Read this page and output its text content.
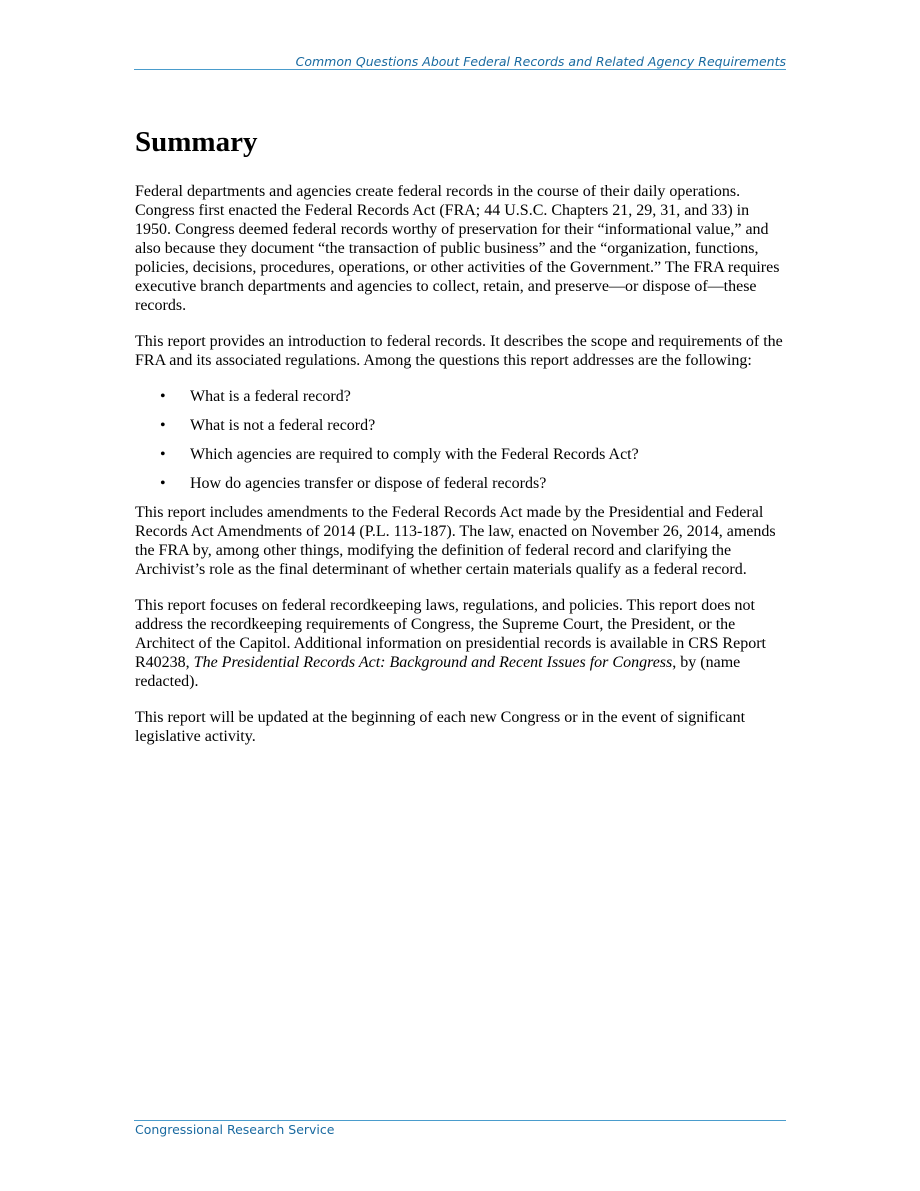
Common Questions About Federal Records and Related Agency Requirements
Summary

Federal departments and agencies create federal records in the course of their daily operations. Congress first enacted the Federal Records Act (FRA; 44 U.S.C. Chapters 21, 29, 31, and 33) in 1950. Congress deemed federal records worthy of preservation for their “informational value,” and also because they document “the transaction of public business” and the “organization, functions, policies, decisions, procedures, operations, or other activities of the Government.” The FRA requires executive branch departments and agencies to collect, retain, and preserve—or dispose of—these records.

This report provides an introduction to federal records. It describes the scope and requirements of the FRA and its associated regulations. Among the questions this report addresses are the following:

• What is a federal record?
• What is not a federal record?
• Which agencies are required to comply with the Federal Records Act?
• How do agencies transfer or dispose of federal records?

This report includes amendments to the Federal Records Act made by the Presidential and Federal Records Act Amendments of 2014 (P.L. 113-187). The law, enacted on November 26, 2014, amends the FRA by, among other things, modifying the definition of federal record and clarifying the Archivist’s role as the final determinant of whether certain materials qualify as a federal record.

This report focuses on federal recordkeeping laws, regulations, and policies. This report does not address the recordkeeping requirements of Congress, the Supreme Court, the President, or the Architect of the Capitol. Additional information on presidential records is available in CRS Report R40238, The Presidential Records Act: Background and Recent Issues for Congress, by (name redacted).

This report will be updated at the beginning of each new Congress or in the event of significant legislative activity.

Congressional Research Service
